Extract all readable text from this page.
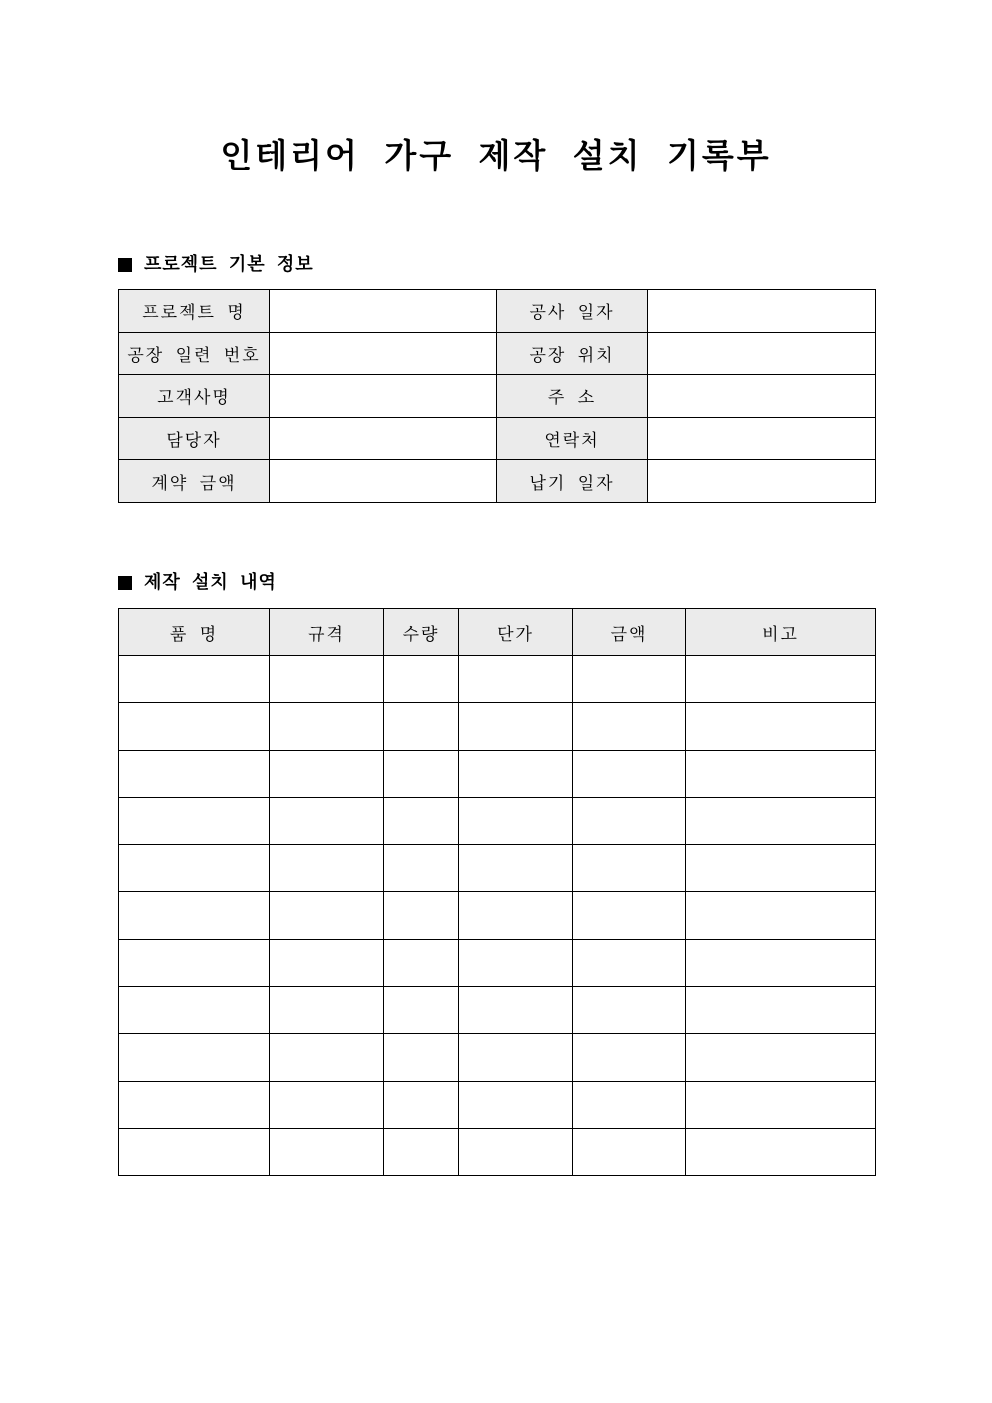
인테리어 가구 제작 설치 기록부
프로젝트 기본 정보
프로젝트 명		공사 일자	
공장 일련 번호		공장 위치	
고객사명		주 소	
담당자		연락처	
계약 금액		납기 일자	
제작 설치 내역
품 명	규격	수량	단가	금액	비고
